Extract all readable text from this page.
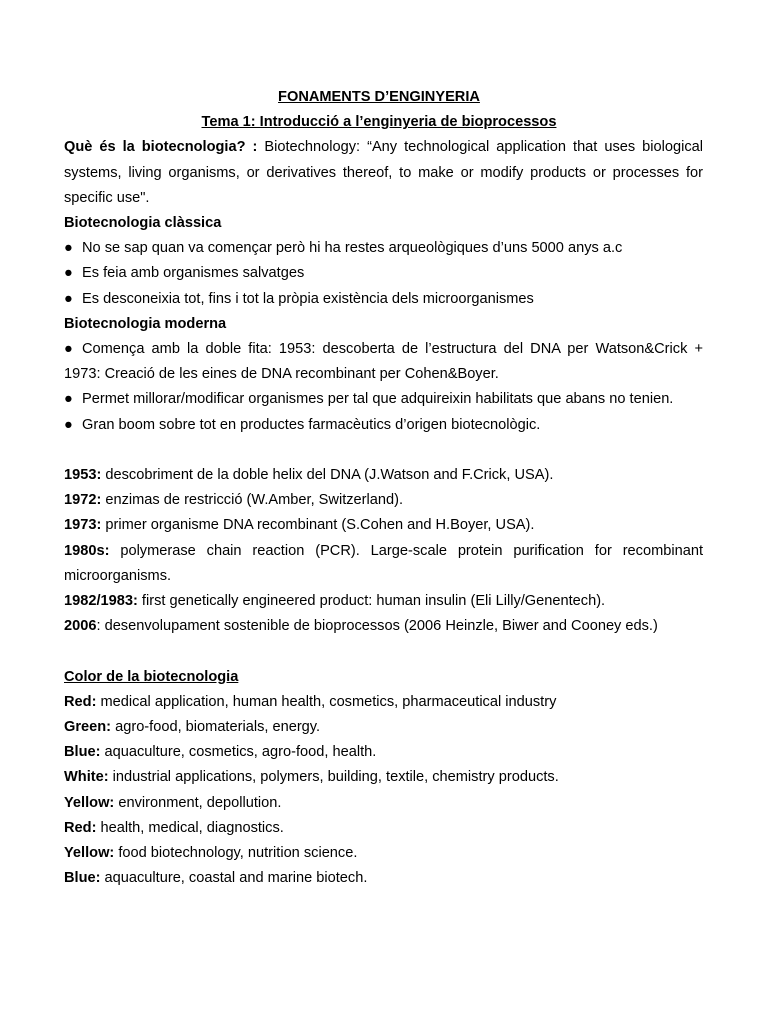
FONAMENTS D’ENGINYERIA
Tema 1: Introducció a l’enginyeria de bioprocessos
Què és la biotecnologia? : Biotechnology: “Any technological application that uses biological systems, living organisms, or derivatives thereof, to make or modify products or processes for specific use".
Biotecnologia clàssica
● No se sap quan va començar però hi ha restes arqueològiques d’uns 5000 anys a.c
● Es feia amb organismes salvatges
● Es desconeixia tot, fins i tot la pròpia existència dels microorganismes
Biotecnologia moderna
● Comença amb la doble fita: 1953: descoberta de l’estructura del DNA per Watson&Crick + 1973: Creació de les eines de DNA recombinant per Cohen&Boyer.
● Permet millorar/modificar organismes per tal que adquireixin habilitats que abans no tenien.
● Gran boom sobre tot en productes farmacèutics d’origen biotecnològic.
1953: descobriment de la doble helix del DNA (J.Watson and F.Crick, USA).
1972: enzimas de restricció (W.Amber, Switzerland).
1973: primer organisme DNA recombinant (S.Cohen and H.Boyer, USA).
1980s: polymerase chain reaction (PCR). Large-scale protein purification for recombinant microorganisms.
1982/1983: first genetically engineered product: human insulin (Eli Lilly/Genentech).
2006: desenvolupament sostenible de bioprocessos (2006 Heinzle, Biwer and Cooney eds.)
Color de la biotecnologia
Red: medical application, human health, cosmetics, pharmaceutical industry
Green: agro-food, biomaterials, energy.
Blue: aquaculture, cosmetics, agro-food, health.
White: industrial applications, polymers, building, textile, chemistry products.
Yellow: environment, depollution.
Red: health, medical, diagnostics.
Yellow: food biotechnology, nutrition science.
Blue: aquaculture, coastal and marine biotech.
